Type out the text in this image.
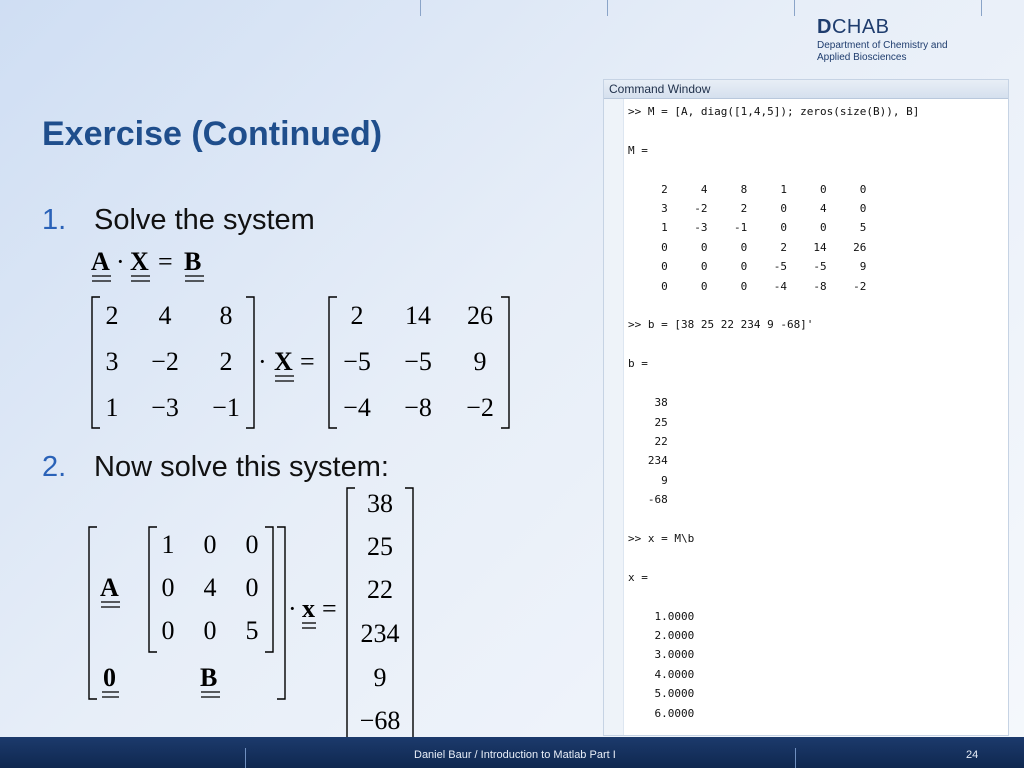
DCHAB
Department of Chemistry and
Applied Biosciences
Exercise (Continued)
1. Solve the system
2. Now solve this system:
A · X = B
2 4 8
3 −2 2
1 −3 −1
· X =
2 14 26
−5 −5 9
−4 −8 −2
A
0	B
1 0 0
0 4 0
0 0 5
· x =
38
25
22
234
9
−68
Command Window
>> M = [A, diag([1,4,5]); zeros(size(B)), B]

M =

2     4     8     1     0     0
3    -2     2     0     4     0
1    -3    -1     0     0     5
0     0     0     2    14    26
0     0     0    -5    -5     9
0     0     0    -4    -8    -2

>> b = [38 25 22 234 9 -68]'

b =

38
25
22
234
9
-68

>> x = M\b

x =

1.0000
2.0000
3.0000
4.0000
5.0000
6.0000
Daniel Baur / Introduction to Matlab Part I	24
